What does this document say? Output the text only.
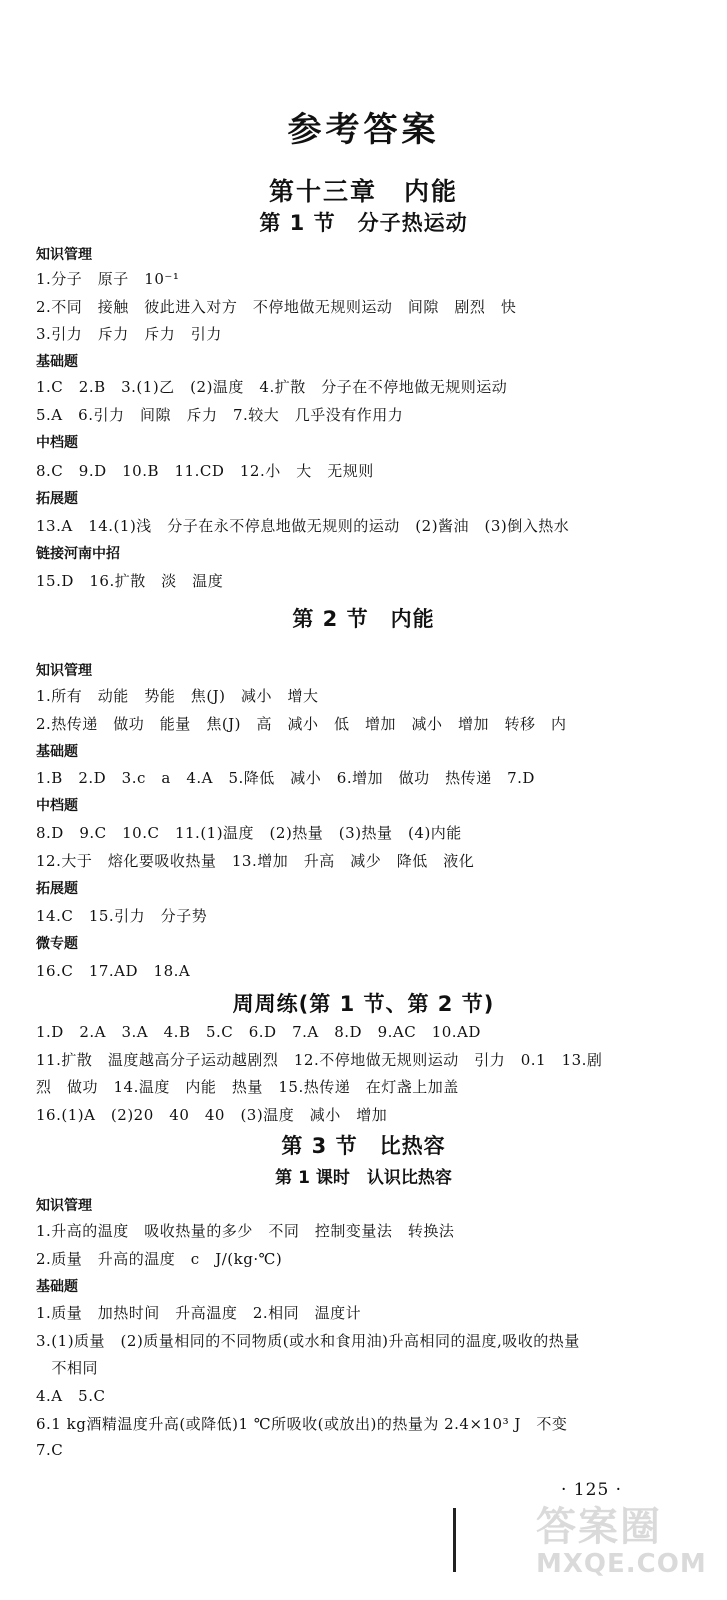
参考答案
第十三章　内能
第 1 节　分子热运动
知识管理
1.分子　原子　10⁻¹
2.不同　接触　彼此进入对方　不停地做无规则运动　间隙　剧烈　快
3.引力　斥力　斥力　引力
基础题
1.C　2.B　3.(1)乙　(2)温度　4.扩散　分子在不停地做无规则运动
5.A　6.引力　间隙　斥力　7.较大　几乎没有作用力
中档题
8.C　9.D　10.B　11.CD　12.小　大　无规则
拓展题
13.A　14.(1)浅　分子在永不停息地做无规则的运动　(2)酱油　(3)倒入热水
链接河南中招
15.D　16.扩散　淡　温度
第 2 节　内能
知识管理
1.所有　动能　势能　焦(J)　减小　增大
2.热传递　做功　能量　焦(J)　高　减小　低　增加　减小　增加　转移　内
基础题
1.B　2.D　3.c　a　4.A　5.降低　减小　6.增加　做功　热传递　7.D
中档题
8.D　9.C　10.C　11.(1)温度　(2)热量　(3)热量　(4)内能
12.大于　熔化要吸收热量　13.增加　升高　减少　降低　液化
拓展题
14.C　15.引力　分子势
微专题
16.C　17.AD　18.A
周周练(第 1 节、第 2 节)
1.D　2.A　3.A　4.B　5.C　6.D　7.A　8.D　9.AC　10.AD
11.扩散　温度越高分子运动越剧烈　12.不停地做无规则运动　引力　0.1　13.剧
烈　做功　14.温度　内能　热量　15.热传递　在灯盏上加盖
16.(1)A　(2)20　40　40　(3)温度　减小　增加
第 3 节　比热容
第 1 课时　认识比热容
知识管理
1.升高的温度　吸收热量的多少　不同　控制变量法　转换法
2.质量　升高的温度　c　J/(kg·℃)
基础题
1.质量　加热时间　升高温度　2.相同　温度计
3.(1)质量　(2)质量相同的不同物质(或水和食用油)升高相同的温度,吸收的热量
　不相同
4.A　5.C
6.1 kg酒精温度升高(或降低)1 ℃所吸收(或放出)的热量为 2.4×10³ J　不变
7.C
· 125 ·
答案圈
MXQE.COM
